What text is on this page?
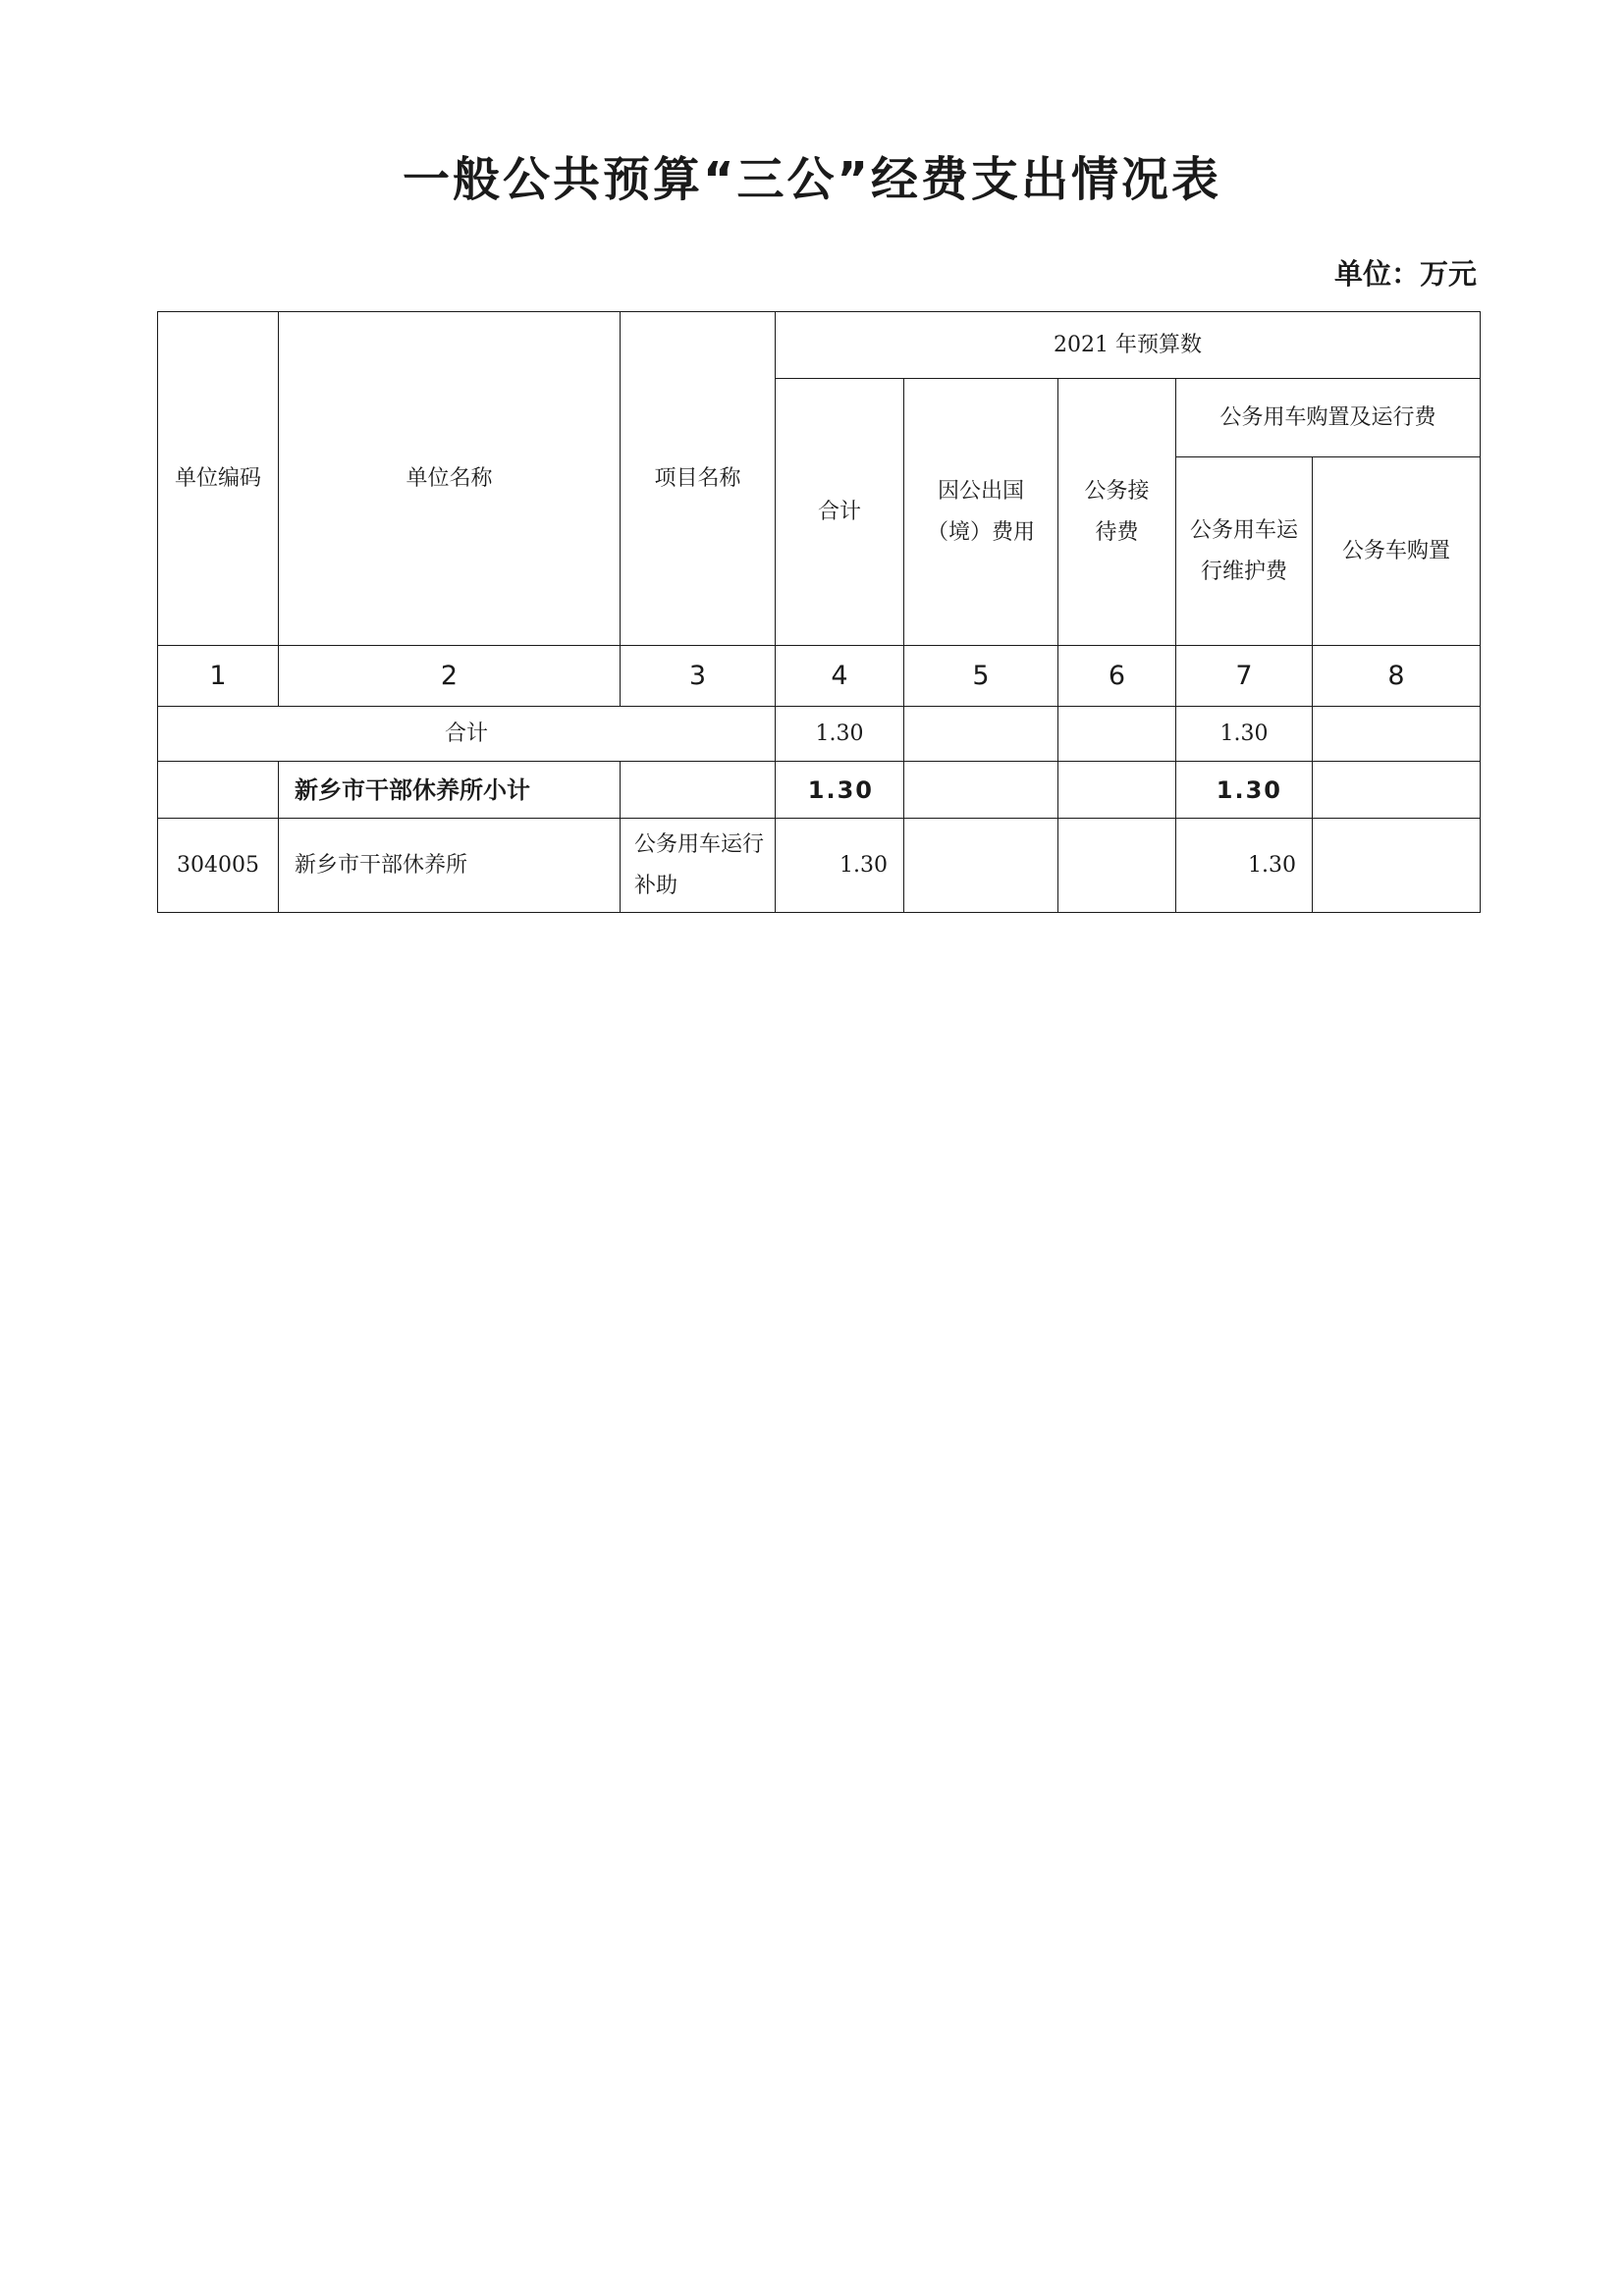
一般公共预算“三公”经费支出情况表
单位：万元
单位编码	单位名称	项目名称	2021 年预算数				
			合计	因公出国（境）费用	公务接待费	公务用车购置及运行费	
						公务用车运行维护费	公务车购置
1	2	3	4	5	6	7	8
合计			1.30			1.30	
	新乡市干部休养所小计		1.30			1.30	
304005	新乡市干部休养所	公务用车运行补助	1.30			1.30	
